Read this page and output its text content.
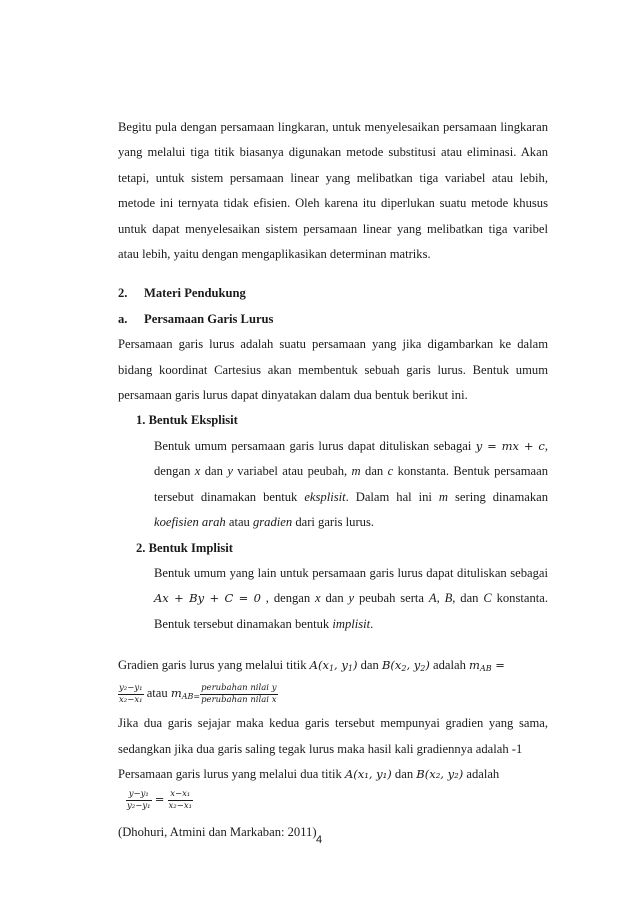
Begitu pula dengan persamaan lingkaran, untuk menyelesaikan persamaan lingkaran yang melalui tiga titik biasanya digunakan metode substitusi atau eliminasi. Akan tetapi, untuk sistem persamaan linear yang melibatkan tiga variabel atau lebih, metode ini ternyata tidak efisien. Oleh karena itu diperlukan suatu metode khusus untuk dapat menyelesaikan sistem persamaan linear yang melibatkan tiga varibel atau lebih, yaitu dengan mengaplikasikan determinan matriks.

2. Materi Pendukung
a. Persamaan Garis Lurus

Persamaan garis lurus adalah suatu persamaan yang jika digambarkan ke dalam bidang koordinat Cartesius akan membentuk sebuah garis lurus. Bentuk umum persamaan garis lurus dapat dinyatakan dalam dua bentuk berikut ini.

1. Bentuk Eksplisit

Bentuk umum persamaan garis lurus dapat dituliskan sebagai y = mx + c, dengan x dan y variabel atau peubah, m dan c konstanta. Bentuk persamaan tersebut dinamakan bentuk eksplisit. Dalam hal ini m sering dinamakan koefisien arah atau gradien dari garis lurus.

2. Bentuk Implisit

Bentuk umum yang lain untuk persamaan garis lurus dapat dituliskan sebagai Ax + By + C = 0 , dengan x dan y peubah serta A, B, dan C konstanta. Bentuk tersebut dinamakan bentuk implisit.

Gradien garis lurus yang melalui titik $A(x_1$, $y_1$) dan $B(x_2$, $y_2$) adalah $m_{AB}$ =

$\frac{\text{y₂−y₁}}{\text{x₂−x₁}}$ atau $m_{AB=} \frac{\text{perubahan nilai y}}{\text{perubahan nilai x}}$

Jika dua garis sejajar maka kedua garis tersebut mempunyai gradien yang sama, sedangkan jika dua garis saling tegak lurus maka hasil kali gradiennya adalah -1

Persamaan garis lurus yang melalui dua titik A(x₁, y₁) dan B(x₂, y₂) adalah

$\frac{\text{y−y₁}}{\text{y₂−y₁}} = \frac{\text{x−x₁}}{\text{x₂−x₁}}$

(Dhohuri, Atmini dan Markaban: 2011)

4
